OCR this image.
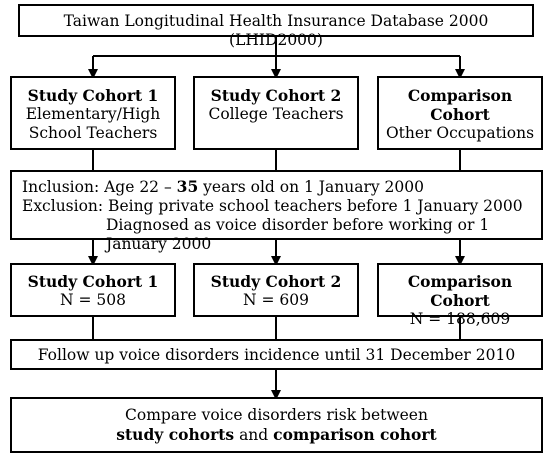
Taiwan Longitudinal Health Insurance Database 2000 (LHID2000)
Study Cohort 1
Elementary/High
School Teachers
Study Cohort 2
College Teachers
Comparison Cohort
Other Occupations
Inclusion: Age 22 – 35 years old on 1 January 2000
Exclusion: Being private school teachers before 1 January 2000
Diagnosed as voice disorder before working or 1 January 2000
Study Cohort 1
N = 508
Study Cohort 2
N = 609
Comparison Cohort
N = 188,609
Follow up voice disorders incidence until 31 December 2010
Compare voice disorders risk between
study cohorts and comparison cohort
